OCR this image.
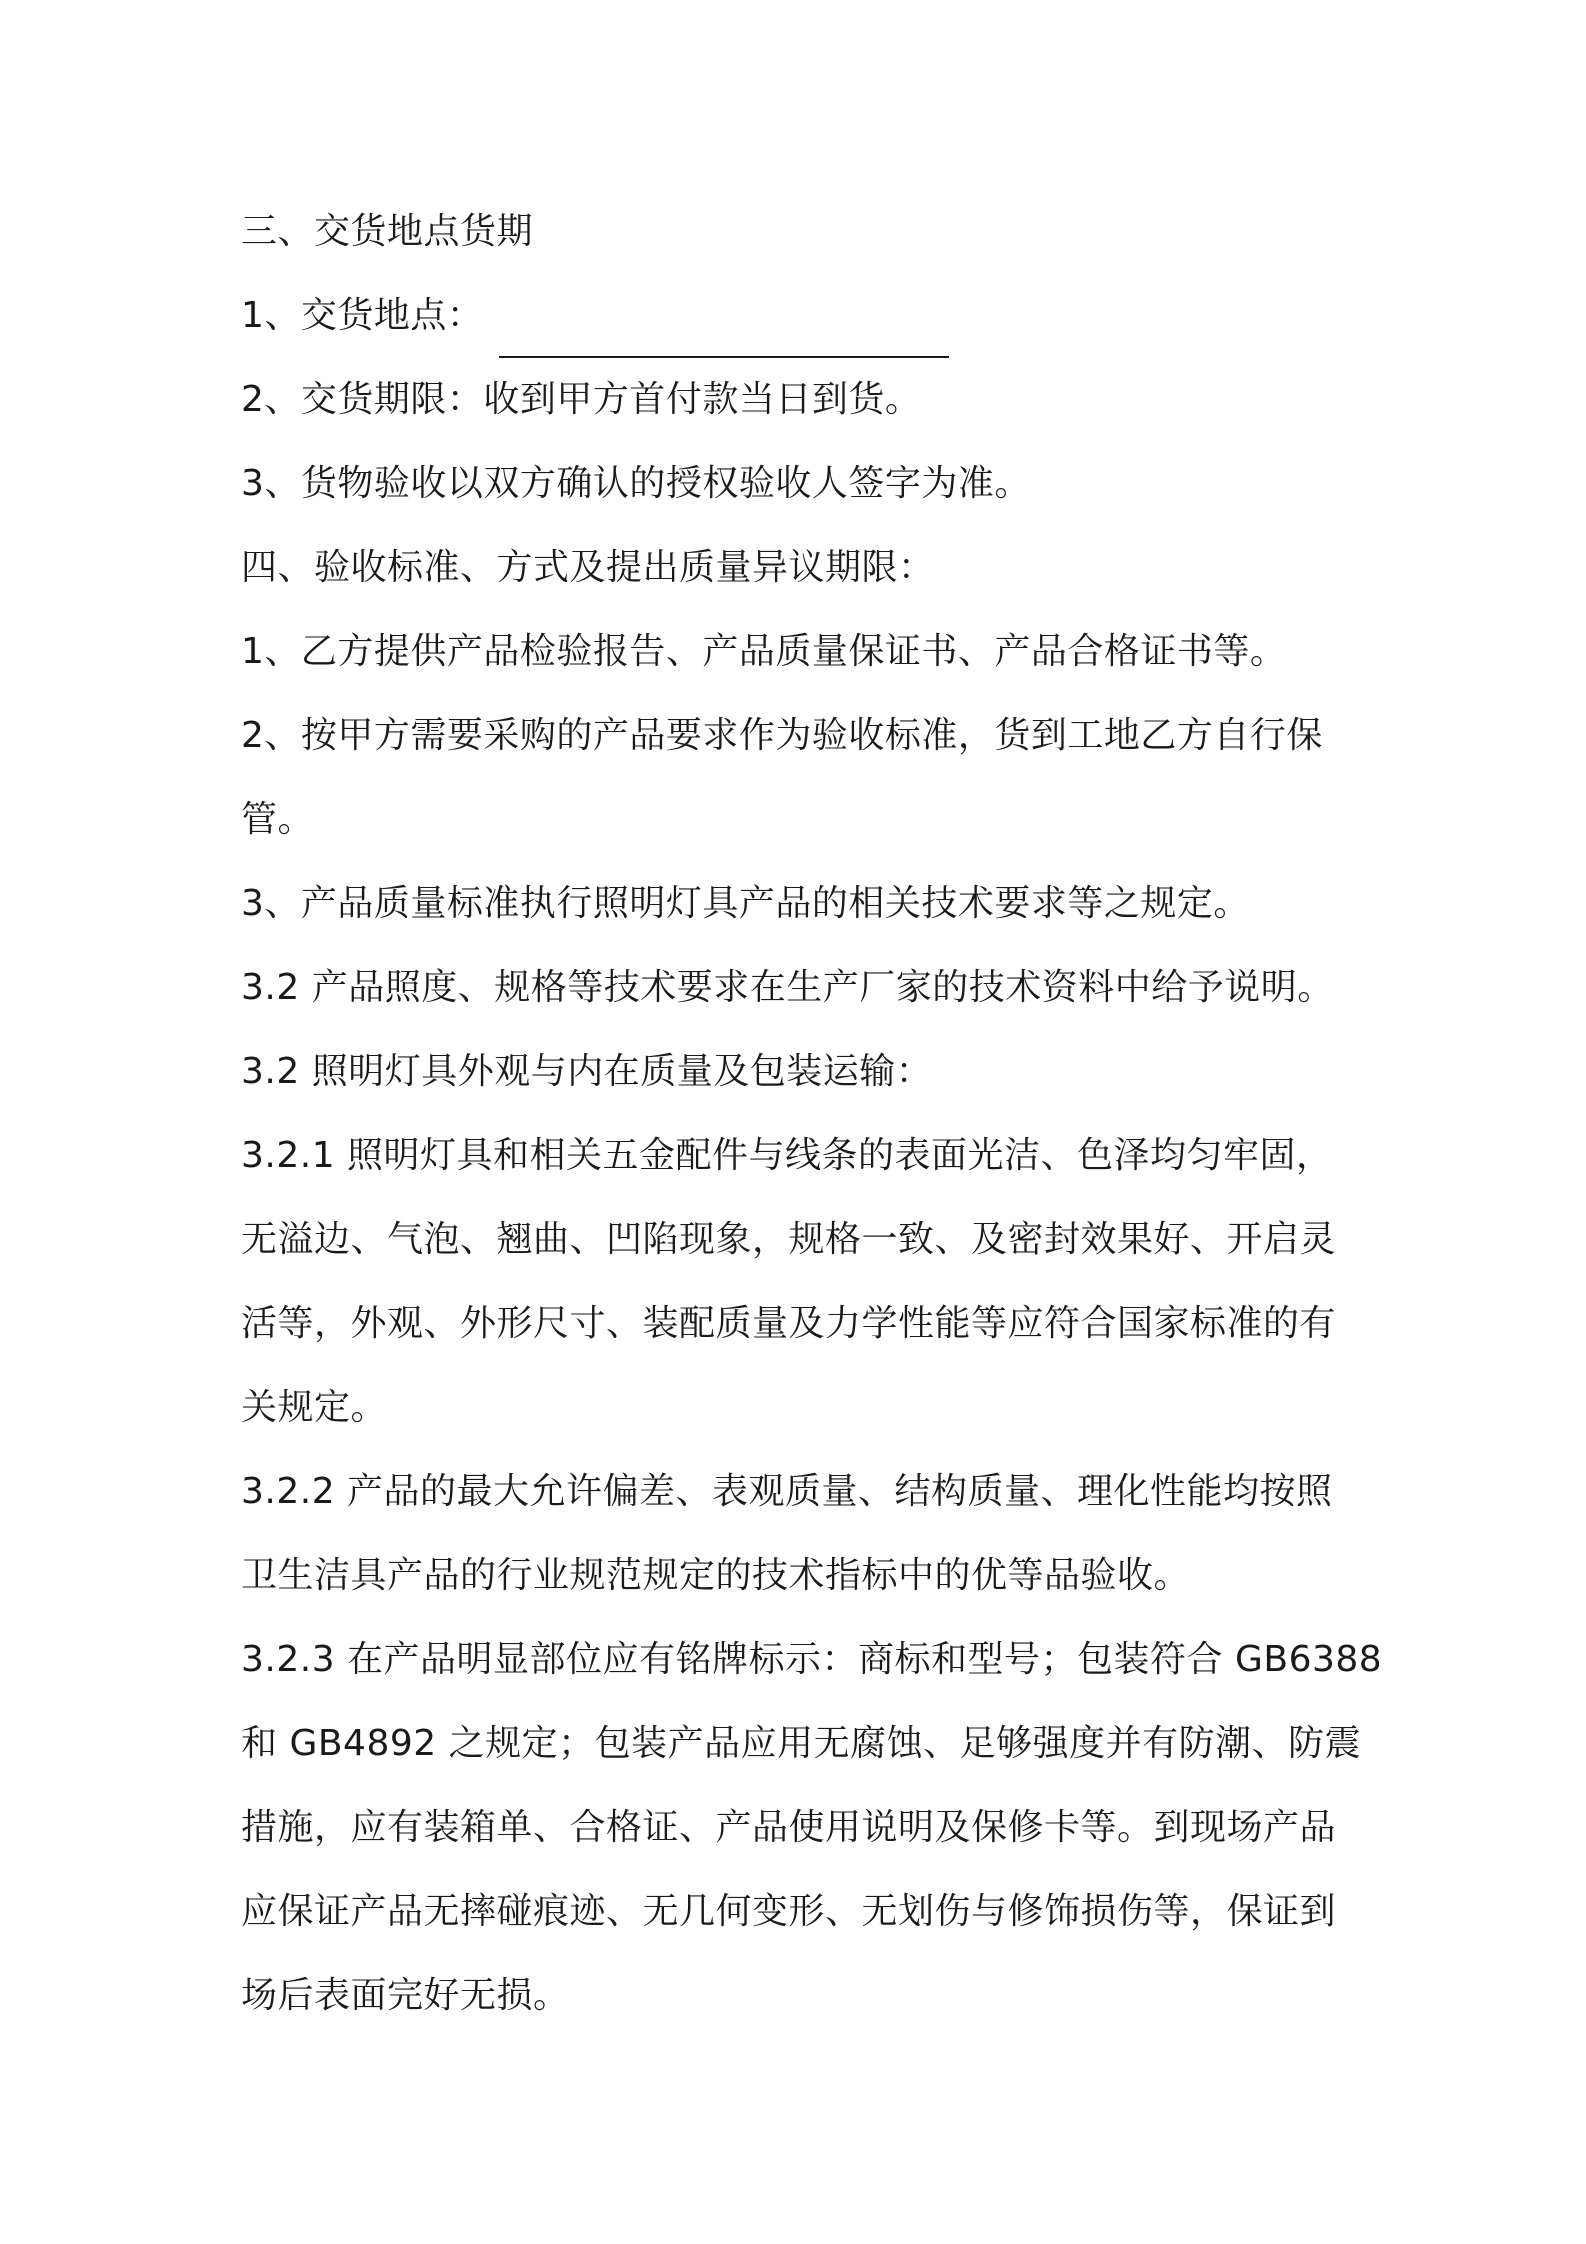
三、交货地点货期
1、交货地点：
2、交货期限：收到甲方首付款当日到货。
3、货物验收以双方确认的授权验收人签字为准。
四、验收标准、方式及提出质量异议期限：
1、乙方提供产品检验报告、产品质量保证书、产品合格证书等。
2、按甲方需要采购的产品要求作为验收标准，货到工地乙方自行保
管。
3、产品质量标准执行照明灯具产品的相关技术要求等之规定。
3.2 产品照度、规格等技术要求在生产厂家的技术资料中给予说明。
3.2 照明灯具外观与内在质量及包装运输：
3.2.1 照明灯具和相关五金配件与线条的表面光洁、色泽均匀牢固，
无溢边、气泡、翘曲、凹陷现象，规格一致、及密封效果好、开启灵
活等，外观、外形尺寸、装配质量及力学性能等应符合国家标准的有
关规定。
3.2.2 产品的最大允许偏差、表观质量、结构质量、理化性能均按照
卫生洁具产品的行业规范规定的技术指标中的优等品验收。
3.2.3 在产品明显部位应有铭牌标示：商标和型号；包装符合 GB6388
和 GB4892 之规定；包装产品应用无腐蚀、足够强度并有防潮、防震
措施，应有装箱单、合格证、产品使用说明及保修卡等。到现场产品
应保证产品无摔碰痕迹、无几何变形、无划伤与修饰损伤等，保证到
场后表面完好无损。
